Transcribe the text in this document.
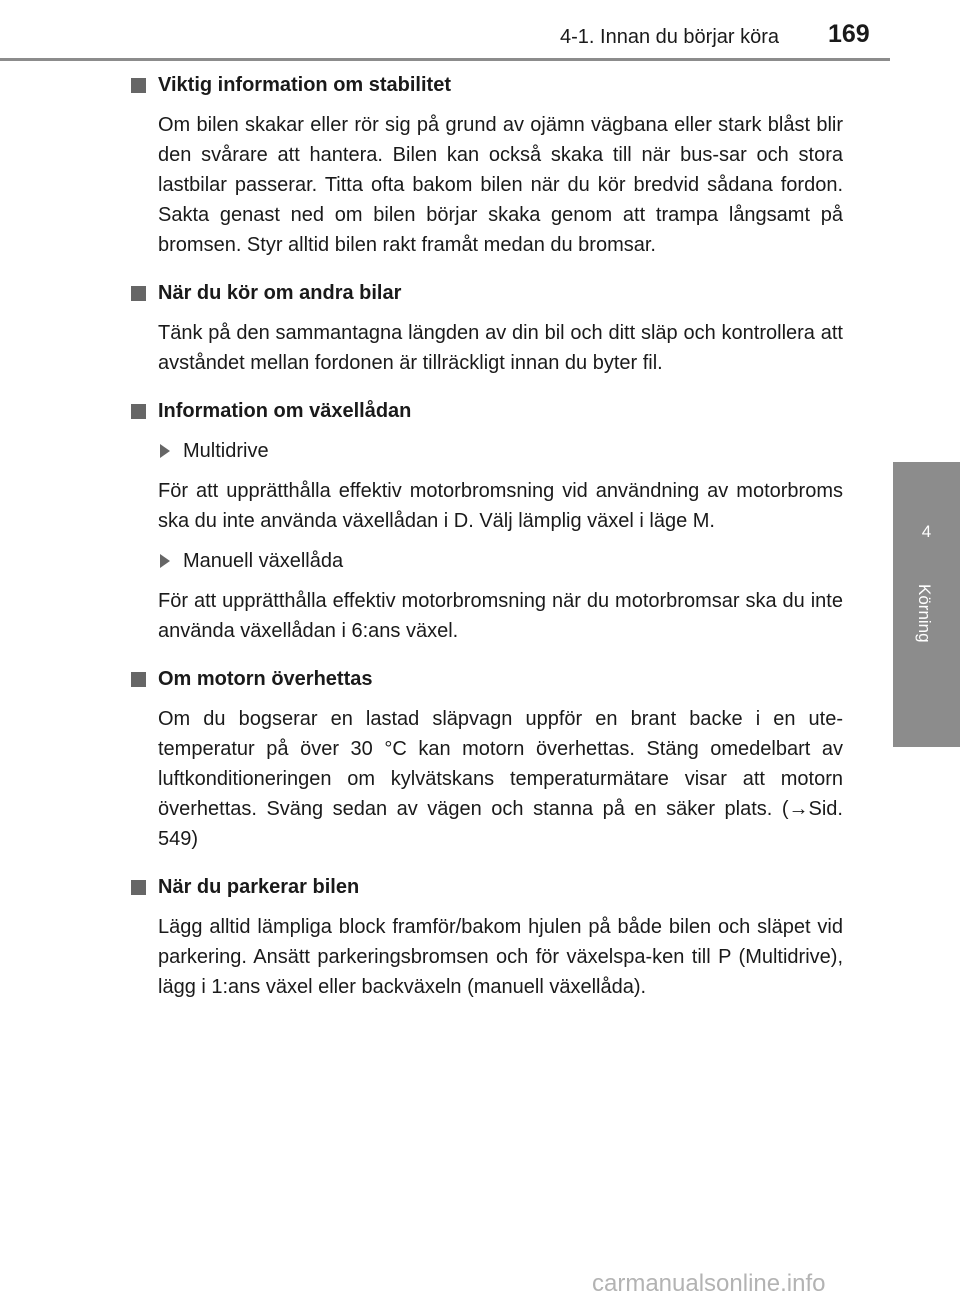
4-1. Innan du börjar köra 169
4
Körning
Viktig information om stabilitet

Om bilen skakar eller rör sig på grund av ojämn vägbana eller stark blåst blir den svårare att hantera. Bilen kan också skaka till när bus-sar och stora lastbilar passerar. Titta ofta bakom bilen när du kör bredvid sådana fordon. Sakta genast ned om bilen börjar skaka genom att trampa långsamt på bromsen. Styr alltid bilen rakt framåt medan du bromsar.

När du kör om andra bilar

Tänk på den sammantagna längden av din bil och ditt släp och kontrollera att avståndet mellan fordonen är tillräckligt innan du byter fil.

Information om växellådan
Multidrive

För att upprätthålla effektiv motorbromsning vid användning av motorbroms ska du inte använda växellådan i D. Välj lämplig växel i läge M.

Manuell växellåda

För att upprätthålla effektiv motorbromsning när du motorbromsar ska du inte använda växellådan i 6:ans växel.

Om motorn överhettas

Om du bogserar en lastad släpvagn uppför en brant backe i en ute-temperatur på över 30 °C kan motorn överhettas. Stäng omedelbart av luftkonditioneringen om kylvätskans temperaturmätare visar att motorn överhettas. Sväng sedan av vägen och stanna på en säker plats. (→Sid. 549)

När du parkerar bilen

Lägg alltid lämpliga block framför/bakom hjulen på både bilen och släpet vid parkering. Ansätt parkeringsbromsen och för växelspa-ken till P (Multidrive), lägg i 1:ans växel eller backväxeln (manuell växellåda).

carmanualsonline.info
